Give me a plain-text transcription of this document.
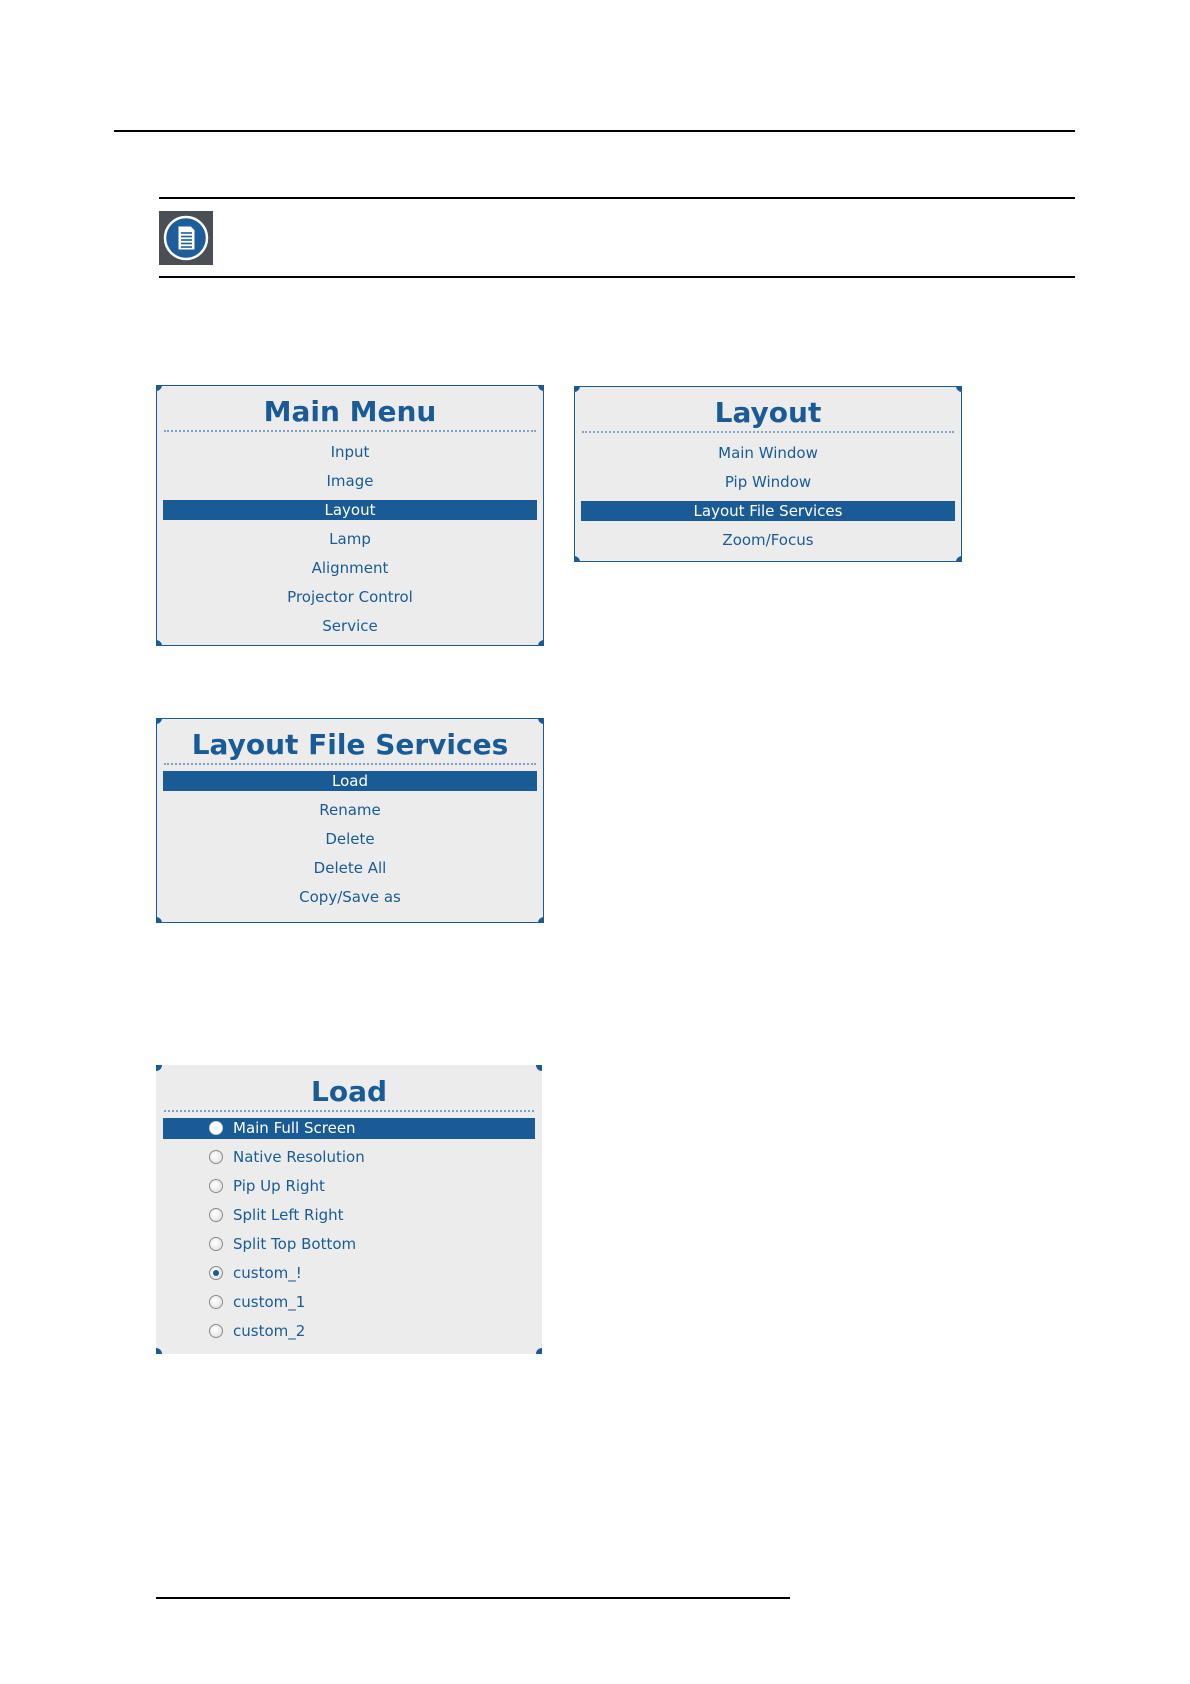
Main Menu
Input
Image
Layout
Lamp
Alignment
Projector Control
Service
Layout
Main Window
Pip Window
Layout File Services
Zoom/Focus
Layout File Services
Load
Rename
Delete
Delete All
Copy/Save as
Load
Main Full Screen
Native Resolution
Pip Up Right
Split Left Right
Split Top Bottom
custom_!
custom_1
custom_2
